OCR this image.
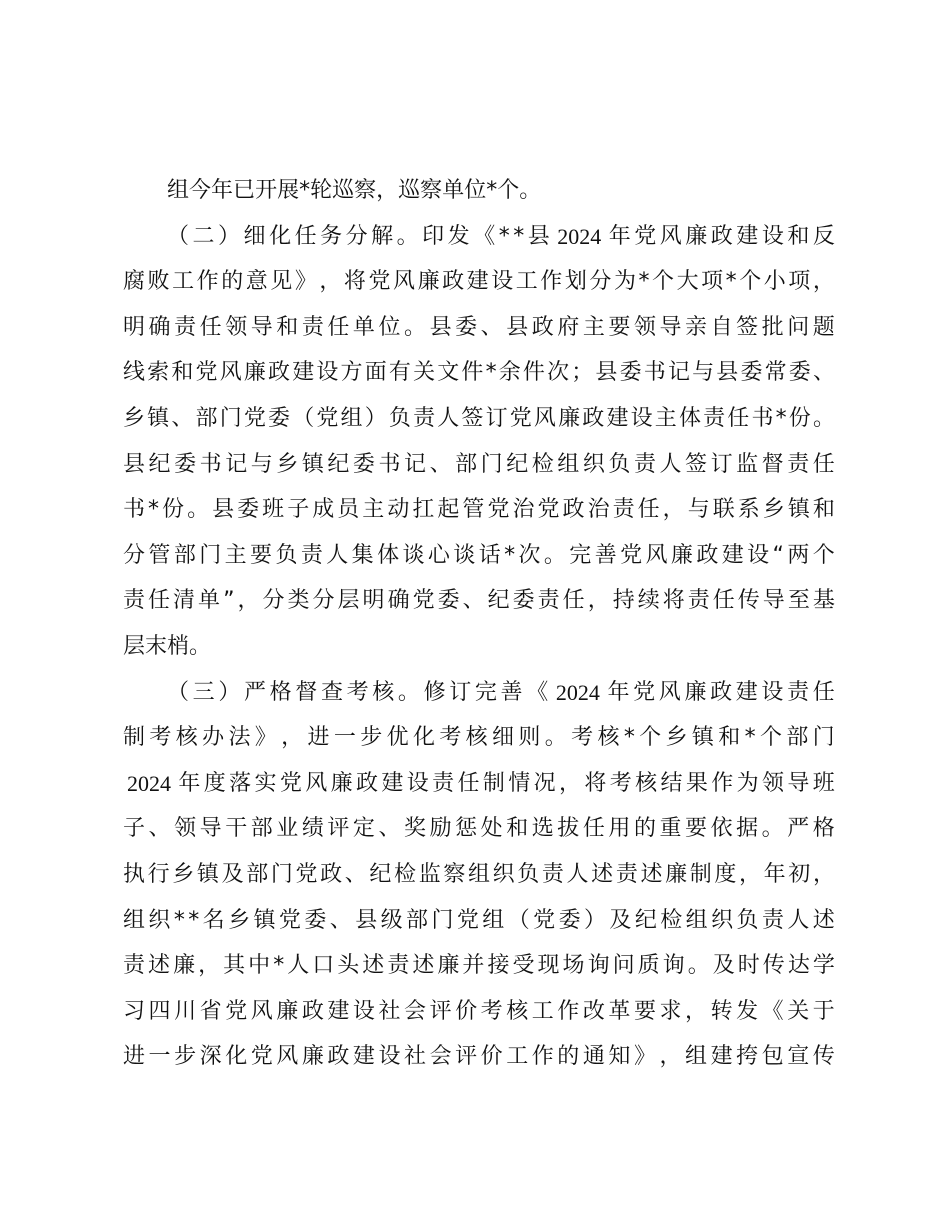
组 今 年 已 开 展 * 轮 巡 察 ， 巡 察 单 位 * 个 。
（ 二 ） 细 化 任 务 分 解 。 印 发 《 * * 县 2024 年 党 风 廉 政 建 设 和 反
腐 败 工 作 的 意 见 》 ， 将 党 风 廉 政 建 设 工 作 划 分 为 * 个 大 项 * 个 小 项 ，
明 确 责 任 领 导 和 责 任 单 位 。 县 委 、 县 政 府 主 要 领 导 亲 自 签 批 问 题
线 索 和 党 风 廉 政 建 设 方 面 有 关 文 件 * 余 件 次 ； 县 委 书 记 与 县 委 常 委 、
乡 镇 、 部 门 党 委 （ 党 组 ） 负 责 人 签 订 党 风 廉 政 建 设 主 体 责 任 书 * 份 。
县 纪 委 书 记 与 乡 镇 纪 委 书 记 、 部 门 纪 检 组 织 负 责 人 签 订 监 督 责 任
书 * 份 。 县 委 班 子 成 员 主 动 扛 起 管 党 治 党 政 治 责 任 ， 与 联 系 乡 镇 和
分 管 部 门 主 要 负 责 人 集 体 谈 心 谈 话 * 次 。 完 善 党 风 廉 政 建 设 “ 两 个
责 任 清 单 ” ， 分 类 分 层 明 确 党 委 、 纪 委 责 任 ， 持 续 将 责 任 传 导 至 基
层 末 梢 。
（ 三 ） 严 格 督 查 考 核 。 修 订 完 善 《 2024 年 党 风 廉 政 建 设 责 任
制 考 核 办 法 》 ， 进 一 步 优 化 考 核 细 则 。 考 核 * 个 乡 镇 和 * 个 部 门
2024 年 度 落 实 党 风 廉 政 建 设 责 任 制 情 况 ， 将 考 核 结 果 作 为 领 导 班
子 、 领 导 干 部 业 绩 评 定 、 奖 励 惩 处 和 选 拔 任 用 的 重 要 依 据 。 严 格
执 行 乡 镇 及 部 门 党 政 、 纪 检 监 察 组 织 负 责 人 述 责 述 廉 制 度 ， 年 初 ，
组 织 * * 名 乡 镇 党 委 、 县 级 部 门 党 组 （ 党 委 ） 及 纪 检 组 织 负 责 人 述
责 述 廉 ， 其 中 * 人 口 头 述 责 述 廉 并 接 受 现 场 询 问 质 询 。 及 时 传 达 学
习 四 川 省 党 风 廉 政 建 设 社 会 评 价 考 核 工 作 改 革 要 求 ， 转 发 《 关 于
进 一 步 深 化 党 风 廉 政 建 设 社 会 评 价 工 作 的 通 知 》 ， 组 建 挎 包 宣 传
